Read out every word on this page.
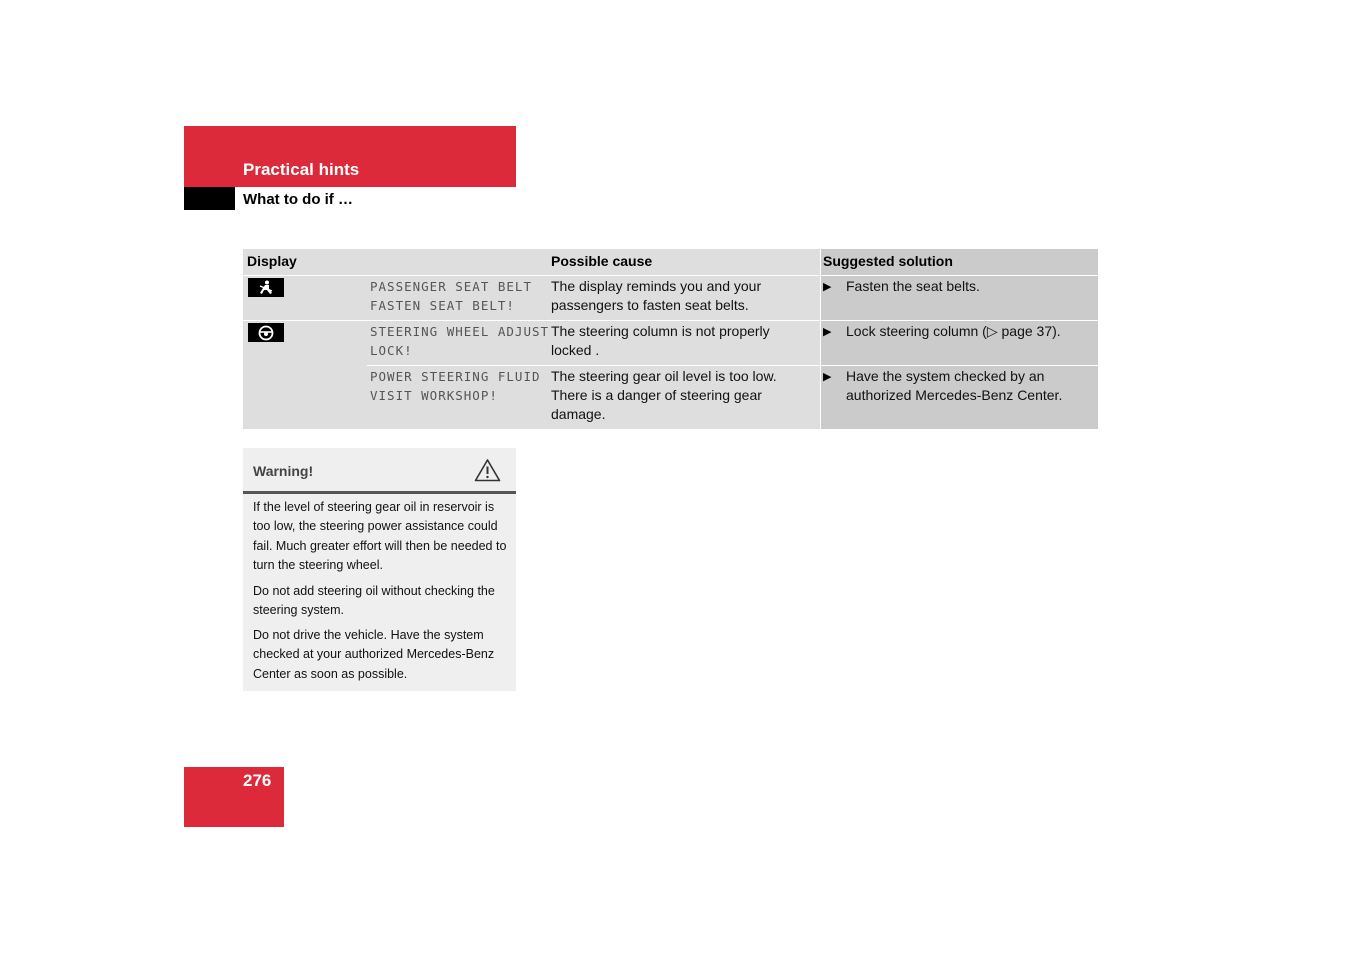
Practical hints
What to do if …
Display	Possible cause	Suggested solution
PASSENGER SEAT BELT
FASTEN SEAT BELT!
The display reminds you and your
passengers to fasten seat belts.
▶ Fasten the seat belts.
STEERING WHEEL ADJUST
LOCK!
The steering column is not properly
locked .
▶ Lock steering column (▷ page 37).
POWER STEERING FLUID
VISIT WORKSHOP!
The steering gear oil level is too low.
There is a danger of steering gear
damage.
▶ Have the system checked by an
authorized Mercedes-Benz Center.
Warning!
If the level of steering gear oil in reservoir is too low, the steering power assistance could fail. Much greater effort will then be needed to turn the steering wheel.
Do not add steering oil without checking the steering system.
Do not drive the vehicle. Have the system checked at your authorized Mercedes-Benz Center as soon as possible.
276
